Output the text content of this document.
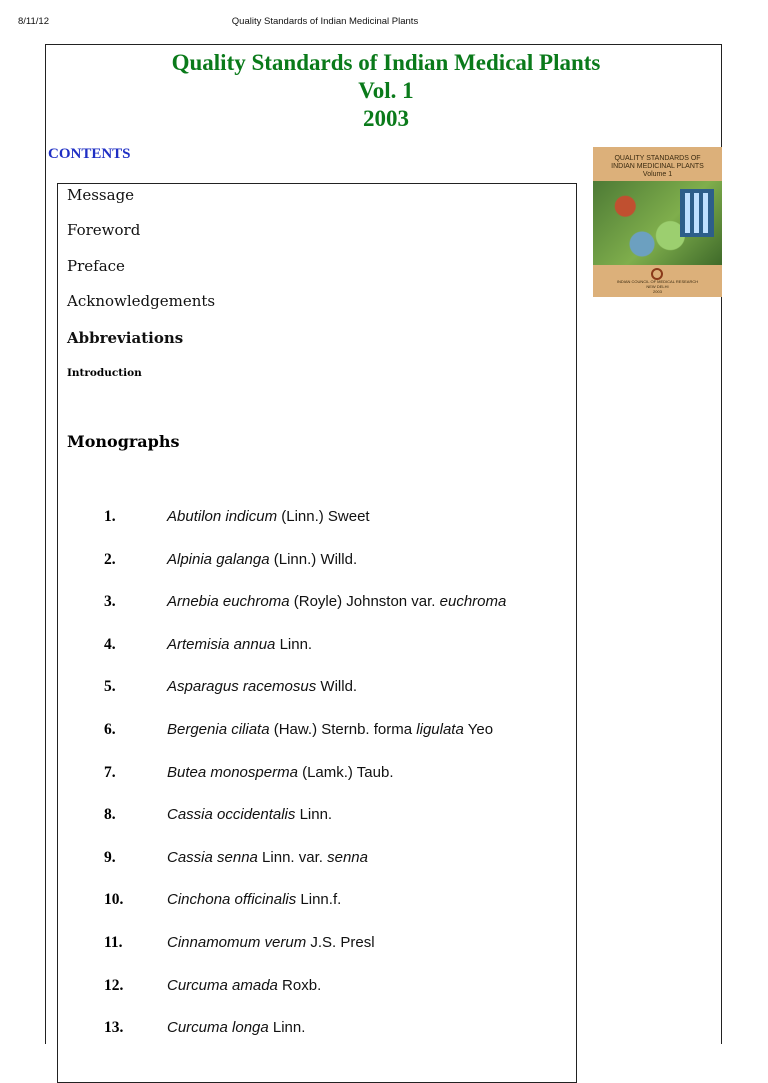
8/11/12	Quality Standards of Indian Medicinal Plants
Quality Standards of Indian Medical Plants
Vol. 1
2003
CONTENTS	QUALITY STANDARDS OF
INDIAN MEDICINAL PLANTS
Volume 1
INDIAN COUNCIL OF MEDICAL RESEARCH
NEW DELHI
2003
Message
Foreword
Preface
Acknowledgements
Abbreviations
Introduction
Monographs
1.	Abutilon indicum (Linn.) Sweet
2.	Alpinia galanga (Linn.) Willd.
3.	Arnebia euchroma (Royle) Johnston var. euchroma
4.	Artemisia annua Linn.
5.	Asparagus racemosus Willd.
6.	Bergenia ciliata (Haw.) Sternb. forma ligulata Yeo
7.	Butea monosperma (Lamk.) Taub.
8.	Cassia occidentalis Linn.
9.	Cassia senna Linn. var. senna
10.	Cinchona officinalis Linn.f.
11.	Cinnamomum verum J.S. Presl
12.	Curcuma amada Roxb.
13.	Curcuma longa Linn.
